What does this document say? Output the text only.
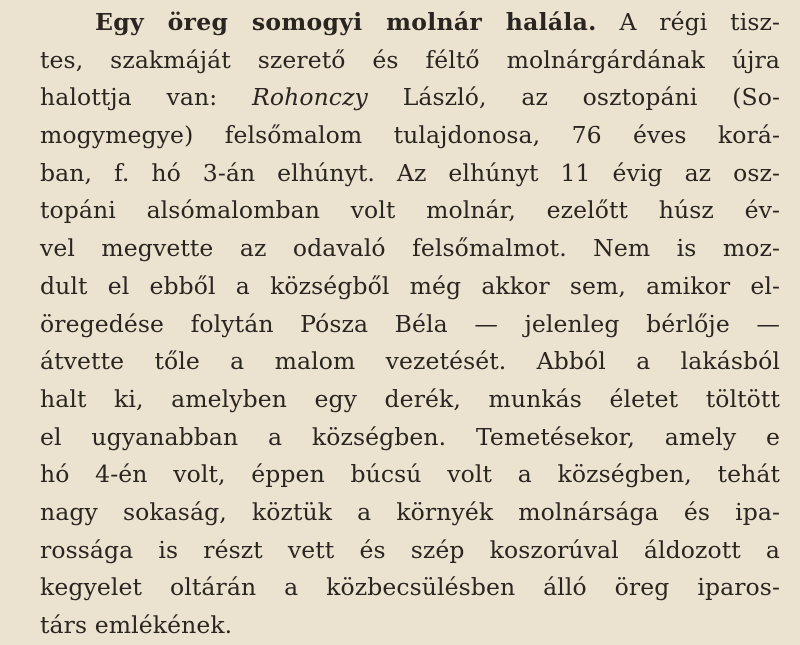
Egy öreg somogyi molnár halála. A régi tisz-
tes, szakmáját szerető és féltő molnárgárdának újra
halottja van: Rohonczy László, az osztopáni (So-
mogymegye) felsőmalom tulajdonosa, 76 éves korá-
ban, f. hó 3-án elhúnyt. Az elhúnyt 11 évig az osz-
topáni alsómalomban volt molnár, ezelőtt húsz év-
vel megvette az odavaló felsőmalmot. Nem is moz-
dult el ebből a községből még akkor sem, amikor el-
öregedése folytán Pósza Béla — jelenleg bérlője —
átvette tőle a malom vezetését. Abból a lakásból
halt ki, amelyben egy derék, munkás életet töltött
el ugyanabban a községben. Temetésekor, amely e
hó 4-én volt, éppen búcsú volt a községben, tehát
nagy sokaság, köztük a környék molnársága és ipa-
rossága is részt vett és szép koszorúval áldozott a
kegyelet oltárán a közbecsülésben álló öreg iparos-
társ emlékének.
